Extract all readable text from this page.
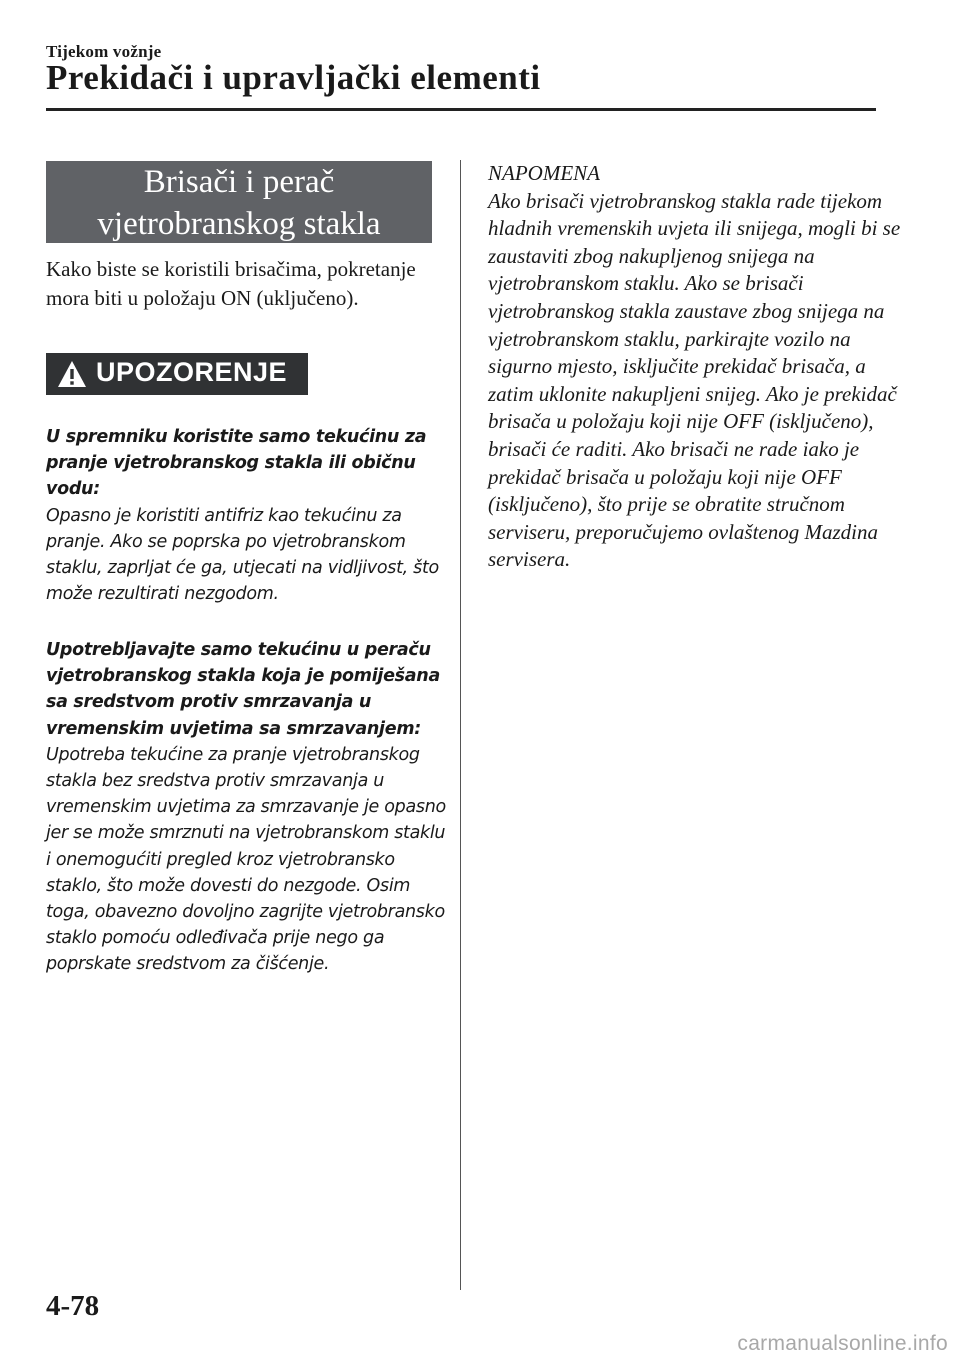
Tijekom vožnje
Prekidači i upravljački elementi
Brisači i perač
vjetrobranskog stakla
Kako biste se koristili brisačima, pokretanje mora biti u položaju ON (uključeno).
UPOZORENJE
U spremniku koristite samo tekućinu za pranje vjetrobranskog stakla ili običnu vodu:
Opasno je koristiti antifriz kao tekućinu za pranje. Ako se poprska po vjetrobranskom staklu, zaprljat će ga, utjecati na vidljivost, što može rezultirati nezgodom.
Upotrebljavajte samo tekućinu u peraču vjetrobranskog stakla koja je pomiješana sa sredstvom protiv smrzavanja u vremenskim uvjetima sa smrzavanjem:
Upotreba tekućine za pranje vjetrobranskog stakla bez sredstva protiv smrzavanja u vremenskim uvjetima za smrzavanje je opasno jer se može smrznuti na vjetrobranskom staklu i onemogućiti pregled kroz vjetrobransko staklo, što može dovesti do nezgode. Osim toga, obavezno dovoljno zagrijte vjetrobransko staklo pomoću odleđivača prije nego ga poprskate sredstvom za čišćenje.
NAPOMENA
Ako brisači vjetrobranskog stakla rade tijekom hladnih vremenskih uvjeta ili snijega, mogli bi se zaustaviti zbog nakupljenog snijega na vjetrobranskom staklu. Ako se brisači vjetrobranskog stakla zaustave zbog snijega na vjetrobranskom staklu, parkirajte vozilo na sigurno mjesto, isključite prekidač brisača, a zatim uklonite nakupljeni snijeg. Ako je prekidač brisača u položaju koji nije OFF (isključeno), brisači će raditi. Ako brisači ne rade iako je prekidač brisača u položaju koji nije OFF (isključeno), što prije se obratite stručnom serviseru, preporučujemo ovlaštenog Mazdina servisera.
4-78
carmanualsonline.info
